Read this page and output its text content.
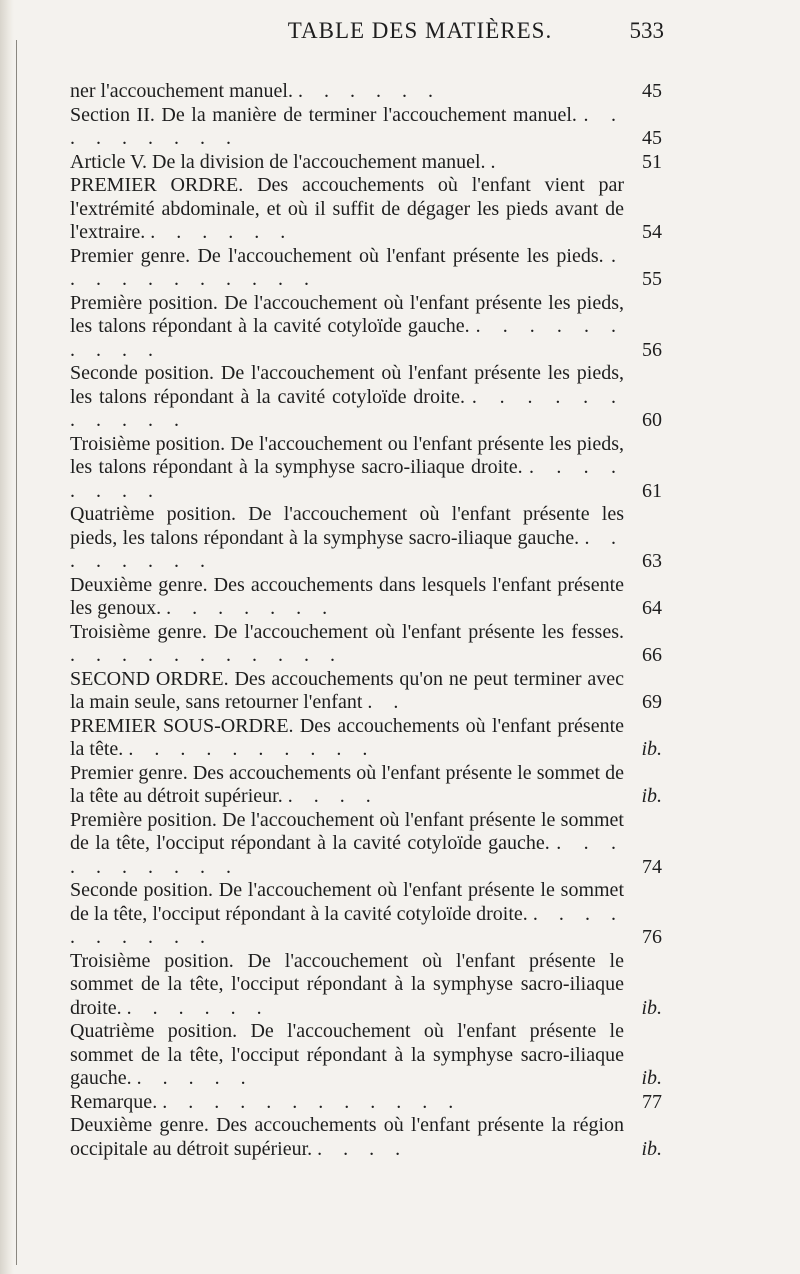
TABLE DES MATIÈRES.	533
ner l'accouchement manuel. . . . . . .	45
Section II. De la manière de terminer l'accouchement manuel. . . . . . . . . .	45
Article V. De la division de l'accouchement manuel. .	51
PREMIER ORDRE. Des accouchements où l'enfant vient par l'extrémité abdominale, et où il suffit de dégager les pieds avant de l'extraire. . . . . . .	54
Premier genre. De l'accouchement où l'enfant présente les pieds. . . . . . . . . . . .	55
Première position. De l'accouchement où l'enfant présente les pieds, les talons répondant à la cavité cotyloïde gauche. . . . . . . . . . .	56
Seconde position. De l'accouchement où l'enfant présente les pieds, les talons répondant à la cavité cotyloïde droite. . . . . . . . . . . .	60
Troisième position. De l'accouchement ou l'enfant présente les pieds, les talons répondant à la symphyse sacro-iliaque droite. . . . . . . . .	61
Quatrième position. De l'accouchement où l'enfant présente les pieds, les talons répondant à la symphyse sacro-iliaque gauche. . . . . . . . .	63
Deuxième genre. Des accouchements dans lesquels l'enfant présente les genoux. . . . . . . .	64
Troisième genre. De l'accouchement où l'enfant présente les fesses. . . . . . . . . . . .	66
SECOND ORDRE. Des accouchements qu'on ne peut terminer avec la main seule, sans retourner l'enfant . .	69
PREMIER SOUS-ORDRE. Des accouchements où l'enfant présente la tête. . . . . . . . . . .	ib.
Premier genre. Des accouchements où l'enfant présente le sommet de la tête au détroit supérieur. . . . .	ib.
Première position. De l'accouchement où l'enfant présente le sommet de la tête, l'occiput répondant à la cavité cotyloïde gauche. . . . . . . . . . .	74
Seconde position. De l'accouchement où l'enfant présente le sommet de la tête, l'occiput répondant à la cavité cotyloïde droite. . . . . . . . . . .	76
Troisième position. De l'accouchement où l'enfant présente le sommet de la tête, l'occiput répondant à la symphyse sacro-iliaque droite. . . . . . .	ib.
Quatrième position. De l'accouchement où l'enfant présente le sommet de la tête, l'occiput répondant à la symphyse sacro-iliaque gauche. . . . . .	ib.
Remarque. . . . . . . . . . . . .	77
Deuxième genre. Des accouchements où l'enfant présente la région occipitale au détroit supérieur. . . . .	ib.
